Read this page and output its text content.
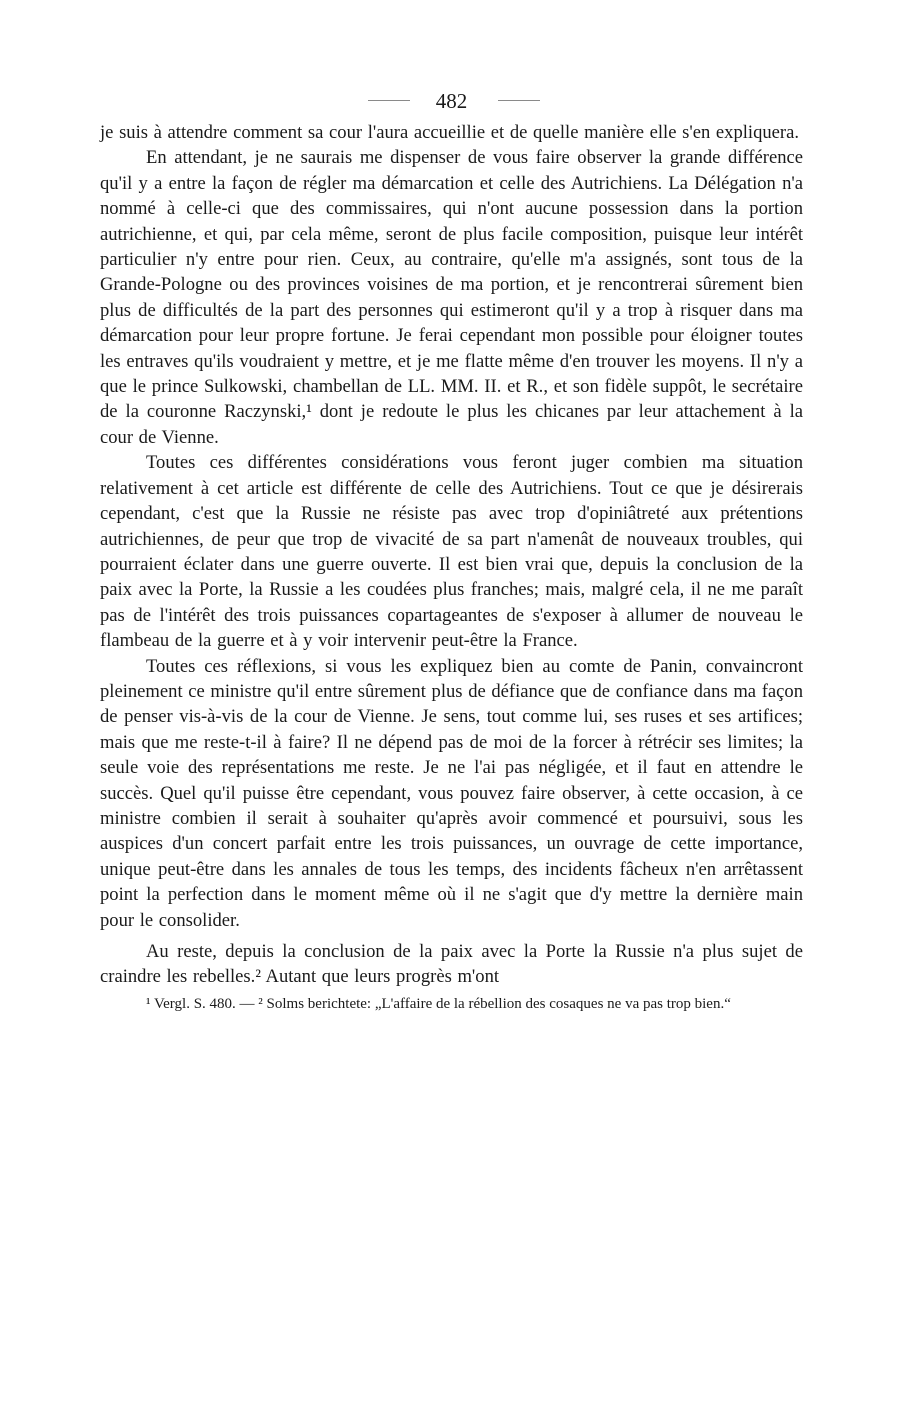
482

je suis à attendre comment sa cour l'aura accueillie et de quelle manière elle s'en expliquera.

En attendant, je ne saurais me dispenser de vous faire observer la grande différence qu'il y a entre la façon de régler ma démarcation et celle des Autrichiens. La Délégation n'a nommé à celle-ci que des commissaires, qui n'ont aucune possession dans la portion autrichienne, et qui, par cela même, seront de plus facile composition, puisque leur intérêt particulier n'y entre pour rien. Ceux, au contraire, qu'elle m'a assignés, sont tous de la Grande-Pologne ou des provinces voisines de ma portion, et je rencontrerai sûrement bien plus de difficultés de la part des personnes qui estimeront qu'il y a trop à risquer dans ma démarcation pour leur propre fortune. Je ferai cependant mon possible pour éloigner toutes les entraves qu'ils voudraient y mettre, et je me flatte même d'en trouver les moyens. Il n'y a que le prince Sulkowski, chambellan de LL. MM. II. et R., et son fidèle suppôt, le secrétaire de la couronne Raczynski,¹ dont je redoute le plus les chicanes par leur attachement à la cour de Vienne.

Toutes ces différentes considérations vous feront juger combien ma situation relativement à cet article est différente de celle des Autrichiens. Tout ce que je désirerais cependant, c'est que la Russie ne résiste pas avec trop d'opiniâtreté aux prétentions autrichiennes, de peur que trop de vivacité de sa part n'amenât de nouveaux troubles, qui pourraient éclater dans une guerre ouverte. Il est bien vrai que, depuis la conclusion de la paix avec la Porte, la Russie a les coudées plus franches; mais, malgré cela, il ne me paraît pas de l'intérêt des trois puissances copartageantes de s'exposer à allumer de nouveau le flambeau de la guerre et à y voir intervenir peut-être la France.

Toutes ces réflexions, si vous les expliquez bien au comte de Panin, convaincront pleinement ce ministre qu'il entre sûrement plus de défiance que de confiance dans ma façon de penser vis-à-vis de la cour de Vienne. Je sens, tout comme lui, ses ruses et ses artifices; mais que me reste-t-il à faire? Il ne dépend pas de moi de la forcer à rétrécir ses limites; la seule voie des représentations me reste. Je ne l'ai pas négligée, et il faut en attendre le succès. Quel qu'il puisse être cependant, vous pouvez faire observer, à cette occasion, à ce ministre combien il serait à souhaiter qu'après avoir commencé et poursuivi, sous les auspices d'un concert parfait entre les trois puissances, un ouvrage de cette importance, unique peut-être dans les annales de tous les temps, des incidents fâcheux n'en arrêtassent point la perfection dans le moment même où il ne s'agit que d'y mettre la dernière main pour le consolider.

Au reste, depuis la conclusion de la paix avec la Porte la Russie n'a plus sujet de craindre les rebelles.² Autant que leurs progrès m'ont

¹ Vergl. S. 480. — ² Solms berichtete: „L'affaire de la rébellion des cosaques ne va pas trop bien.“
